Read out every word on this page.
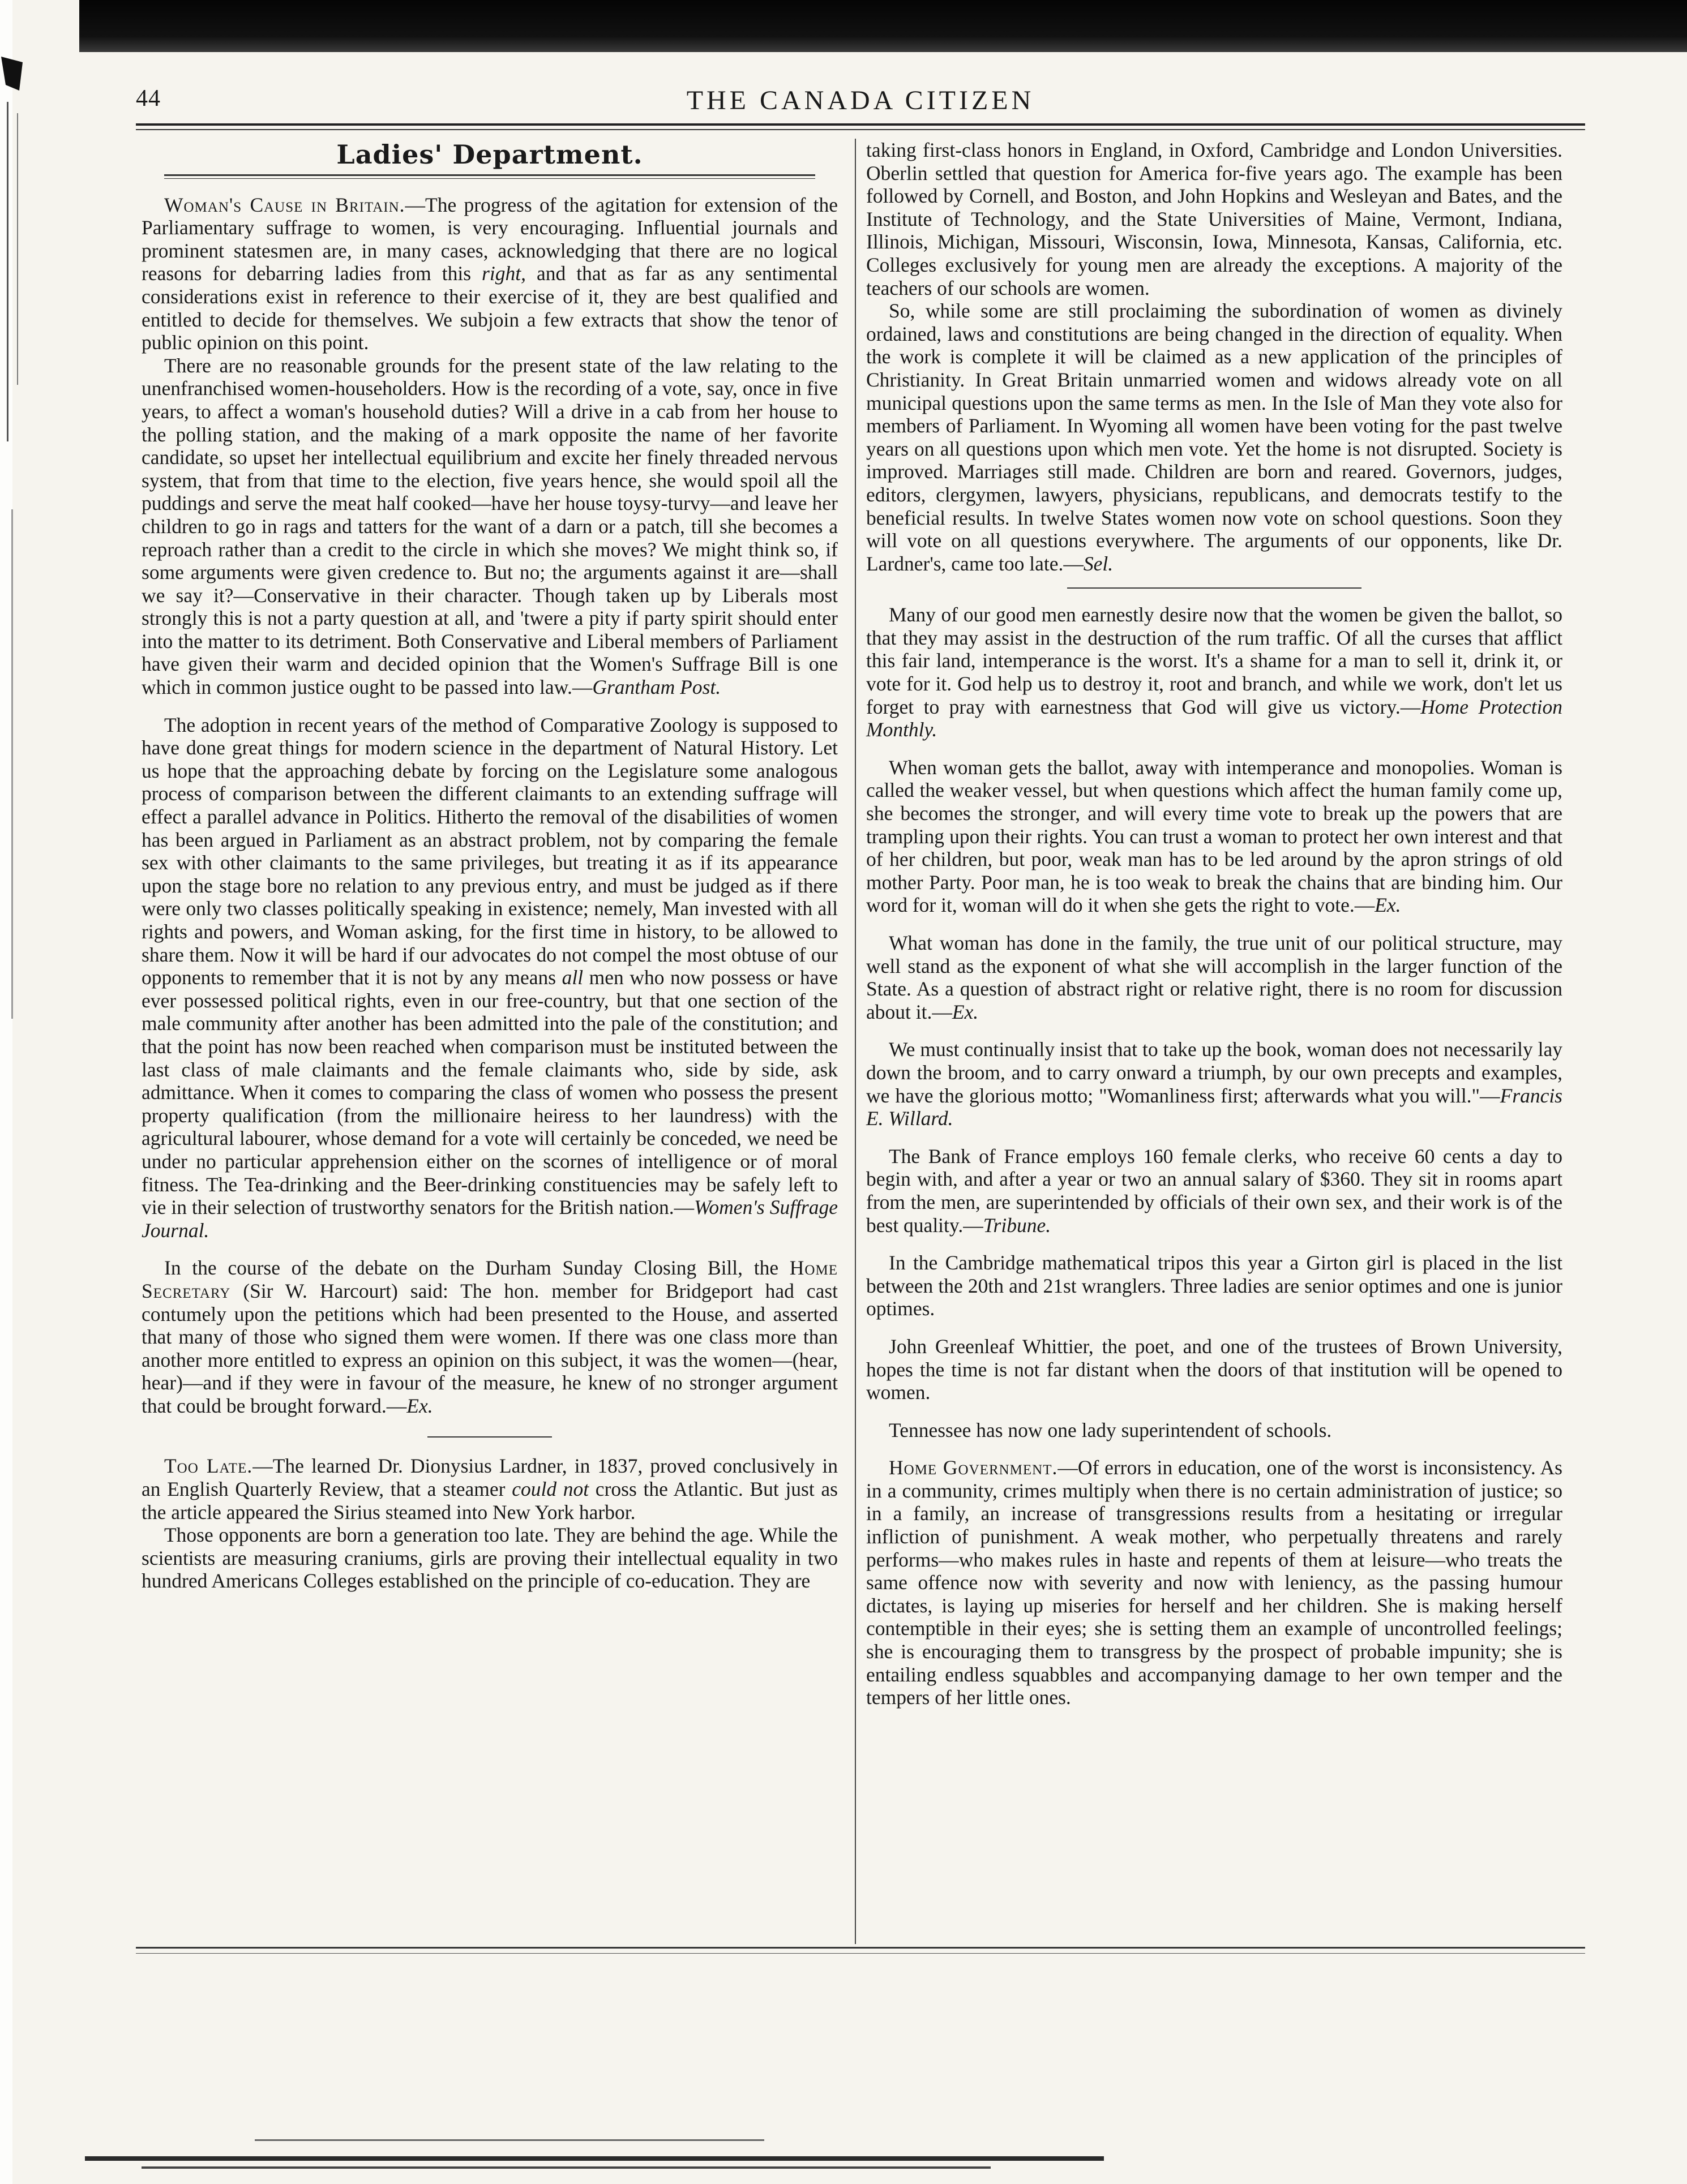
44	THE CANADA CITIZEN
Ladies' Department.

Woman's Cause in Britain.—The progress of the agitation for extension of the Parliamentary suffrage to women, is very encouraging. Influential journals and prominent statesmen are, in many cases, acknowledging that there are no logical reasons for debarring ladies from this right, and that as far as any sentimental considerations exist in reference to their exercise of it, they are best qualified and entitled to decide for themselves. We subjoin a few extracts that show the tenor of public opinion on this point.

There are no reasonable grounds for the present state of the law relating to the unenfranchised women-householders. How is the recording of a vote, say, once in five years, to affect a woman's household duties? Will a drive in a cab from her house to the polling station, and the making of a mark opposite the name of her favorite candidate, so upset her intellectual equilibrium and excite her finely threaded nervous system, that from that time to the election, five years hence, she would spoil all the puddings and serve the meat half cooked—have her house toysy-turvy—and leave her children to go in rags and tatters for the want of a darn or a patch, till she becomes a reproach rather than a credit to the circle in which she moves? We might think so, if some arguments were given credence to. But no; the arguments against it are—shall we say it?—Conservative in their character. Though taken up by Liberals most strongly this is not a party question at all, and 'twere a pity if party spirit should enter into the matter to its detriment. Both Conservative and Liberal members of Parliament have given their warm and decided opinion that the Women's Suffrage Bill is one which in common justice ought to be passed into law.—Grantham Post.

The adoption in recent years of the method of Comparative Zoology is supposed to have done great things for modern science in the department of Natural History. Let us hope that the approaching debate by forcing on the Legislature some analogous process of comparison between the different claimants to an extending suffrage will effect a parallel advance in Politics. Hitherto the removal of the disabilities of women has been argued in Parliament as an abstract problem, not by comparing the female sex with other claimants to the same privileges, but treating it as if its appearance upon the stage bore no relation to any previous entry, and must be judged as if there were only two classes politically speaking in existence; nemely, Man invested with all rights and powers, and Woman asking, for the first time in history, to be allowed to share them. Now it will be hard if our advocates do not compel the most obtuse of our opponents to remember that it is not by any means all men who now possess or have ever possessed political rights, even in our free-country, but that one section of the male community after another has been admitted into the pale of the constitution; and that the point has now been reached when comparison must be instituted between the last class of male claimants and the female claimants who, side by side, ask admittance. When it comes to comparing the class of women who possess the present property qualification (from the millionaire heiress to her laundress) with the agricultural labourer, whose demand for a vote will certainly be conceded, we need be under no particular apprehension either on the scornes of intelligence or of moral fitness. The Tea-drinking and the Beer-drinking constituencies may be safely left to vie in their selection of trustworthy senators for the British nation.—Women's Suffrage Journal.

In the course of the debate on the Durham Sunday Closing Bill, the Home Secretary (Sir W. Harcourt) said: The hon. member for Bridgeport had cast contumely upon the petitions which had been presented to the House, and asserted that many of those who signed them were women. If there was one class more than another more entitled to express an opinion on this subject, it was the women—(hear, hear)—and if they were in favour of the measure, he knew of no stronger argument that could be brought forward.—Ex.

Too Late.—The learned Dr. Dionysius Lardner, in 1837, proved conclusively in an English Quarterly Review, that a steamer could not cross the Atlantic. But just as the article appeared the Sirius steamed into New York harbor.

Those opponents are born a generation too late. They are behind the age. While the scientists are measuring craniums, girls are proving their intellectual equality in two hundred Americans Colleges established on the principle of co-education. They are

taking first-class honors in England, in Oxford, Cambridge and London Universities. Oberlin settled that question for America for-five years ago. The example has been followed by Cornell, and Boston, and John Hopkins and Wesleyan and Bates, and the Institute of Technology, and the State Universities of Maine, Vermont, Indiana, Illinois, Michigan, Missouri, Wisconsin, Iowa, Minnesota, Kansas, California, etc. Colleges exclusively for young men are already the exceptions. A majority of the teachers of our schools are women.

So, while some are still proclaiming the subordination of women as divinely ordained, laws and constitutions are being changed in the direction of equality. When the work is complete it will be claimed as a new application of the principles of Christianity. In Great Britain unmarried women and widows already vote on all municipal questions upon the same terms as men. In the Isle of Man they vote also for members of Parliament. In Wyoming all women have been voting for the past twelve years on all questions upon which men vote. Yet the home is not disrupted. Society is improved. Marriages still made. Children are born and reared. Governors, judges, editors, clergymen, lawyers, physicians, republicans, and democrats testify to the beneficial results. In twelve States women now vote on school questions. Soon they will vote on all questions everywhere. The arguments of our opponents, like Dr. Lardner's, came too late.—Sel.

Many of our good men earnestly desire now that the women be given the ballot, so that they may assist in the destruction of the rum traffic. Of all the curses that afflict this fair land, intemperance is the worst. It's a shame for a man to sell it, drink it, or vote for it. God help us to destroy it, root and branch, and while we work, don't let us forget to pray with earnestness that God will give us victory.—Home Protection Monthly.

When woman gets the ballot, away with intemperance and monopolies. Woman is called the weaker vessel, but when questions which affect the human family come up, she becomes the stronger, and will every time vote to break up the powers that are trampling upon their rights. You can trust a woman to protect her own interest and that of her children, but poor, weak man has to be led around by the apron strings of old mother Party. Poor man, he is too weak to break the chains that are binding him. Our word for it, woman will do it when she gets the right to vote.—Ex.

What woman has done in the family, the true unit of our political structure, may well stand as the exponent of what she will accomplish in the larger function of the State. As a question of abstract right or relative right, there is no room for discussion about it.—Ex.

We must continually insist that to take up the book, woman does not necessarily lay down the broom, and to carry onward a triumph, by our own precepts and examples, we have the glorious motto; "Womanliness first; afterwards what you will."—Francis E. Willard.

The Bank of France employs 160 female clerks, who receive 60 cents a day to begin with, and after a year or two an annual salary of $360. They sit in rooms apart from the men, are superintended by officials of their own sex, and their work is of the best quality.—Tribune.

In the Cambridge mathematical tripos this year a Girton girl is placed in the list between the 20th and 21st wranglers. Three ladies are senior optimes and one is junior optimes.

John Greenleaf Whittier, the poet, and one of the trustees of Brown University, hopes the time is not far distant when the doors of that institution will be opened to women.

Tennessee has now one lady superintendent of schools.

Home Government.—Of errors in education, one of the worst is inconsistency. As in a community, crimes multiply when there is no certain administration of justice; so in a family, an increase of transgressions results from a hesitating or irregular infliction of punishment. A weak mother, who perpetually threatens and rarely performs—who makes rules in haste and repents of them at leisure—who treats the same offence now with severity and now with leniency, as the passing humour dictates, is laying up miseries for herself and her children. She is making herself contemptible in their eyes; she is setting them an example of uncontrolled feelings; she is encouraging them to transgress by the prospect of probable impunity; she is entailing endless squabbles and accompanying damage to her own temper and the tempers of her little ones.
